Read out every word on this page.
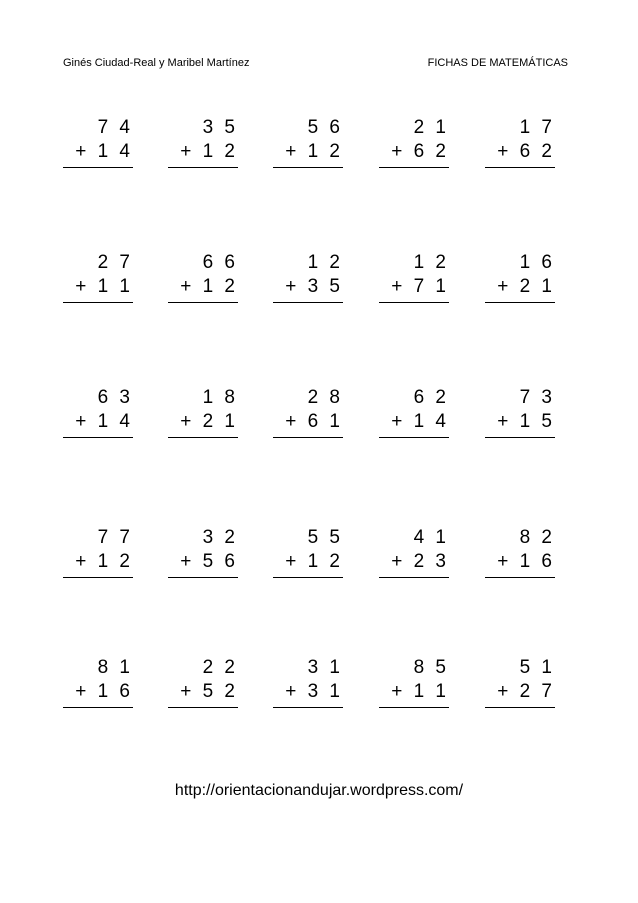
Ginés Ciudad-Real y Maribel Martínez	FICHAS DE MATEMÁTICAS
7 4
+ 1 4
3 5
+ 1 2
5 6
+ 1 2
2 1
+ 6 2
1 7
+ 6 2
2 7
+ 1 1
6 6
+ 1 2
1 2
+ 3 5
1 2
+ 7 1
1 6
+ 2 1
6 3
+ 1 4
1 8
+ 2 1
2 8
+ 6 1
6 2
+ 1 4
7 3
+ 1 5
7 7
+ 1 2
3 2
+ 5 6
5 5
+ 1 2
4 1
+ 2 3
8 2
+ 1 6
8 1
+ 1 6
2 2
+ 5 2
3 1
+ 3 1
8 5
+ 1 1
5 1
+ 2 7
http://orientacionandujar.wordpress.com/
